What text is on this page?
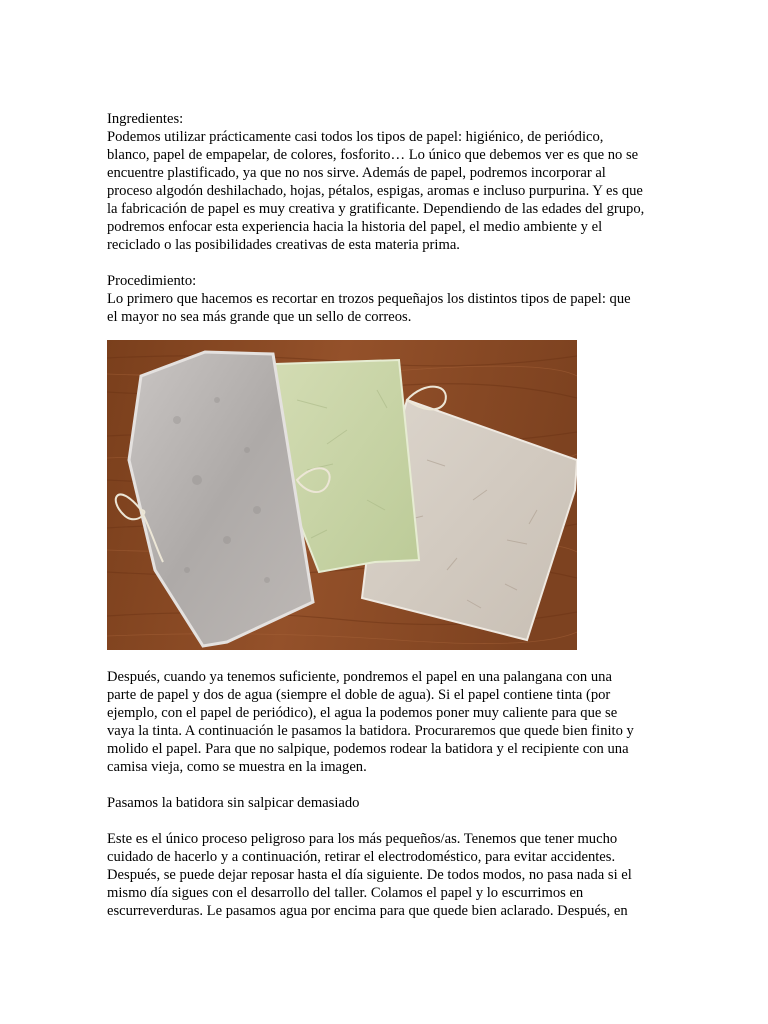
Ingredientes:

Podemos utilizar prácticamente casi todos los tipos de papel: higiénico, de periódico,

blanco, papel de empapelar, de colores, fosforito… Lo único que debemos ver es que no se

encuentre plastificado, ya que no nos sirve. Además de papel, podremos incorporar al

proceso algodón deshilachado, hojas, pétalos, espigas, aromas e incluso purpurina. Y es que

la fabricación de papel es muy creativa y gratificante. Dependiendo de las edades del grupo,

podremos enfocar esta experiencia hacia la historia del papel, el medio ambiente y el

reciclado o las posibilidades creativas de esta materia prima.

Procedimiento:

Lo primero que hacemos es recortar en trozos pequeñajos los distintos tipos de papel: que

el mayor no sea más grande que un sello de correos.

Después, cuando ya tenemos suficiente, pondremos el papel en una palangana con una

parte de papel y dos de agua (siempre el doble de agua). Si el papel contiene tinta (por

ejemplo, con el papel de periódico), el agua la podemos poner muy caliente para que se

vaya la tinta. A continuación le pasamos la batidora. Procuraremos que quede bien finito y

molido el papel. Para que no salpique, podemos rodear la batidora y el recipiente con una

camisa vieja, como se muestra en la imagen.

Pasamos la batidora sin salpicar demasiado

Este es el único proceso peligroso para los más pequeños/as. Tenemos que tener mucho

cuidado de hacerlo y a continuación, retirar el electrodoméstico, para evitar accidentes.

Después, se puede dejar reposar hasta el día siguiente. De todos modos, no pasa nada si el

mismo día sigues con el desarrollo del taller. Colamos el papel y lo escurrimos en

escurreverduras. Le pasamos agua por encima para que quede bien aclarado. Después, en
